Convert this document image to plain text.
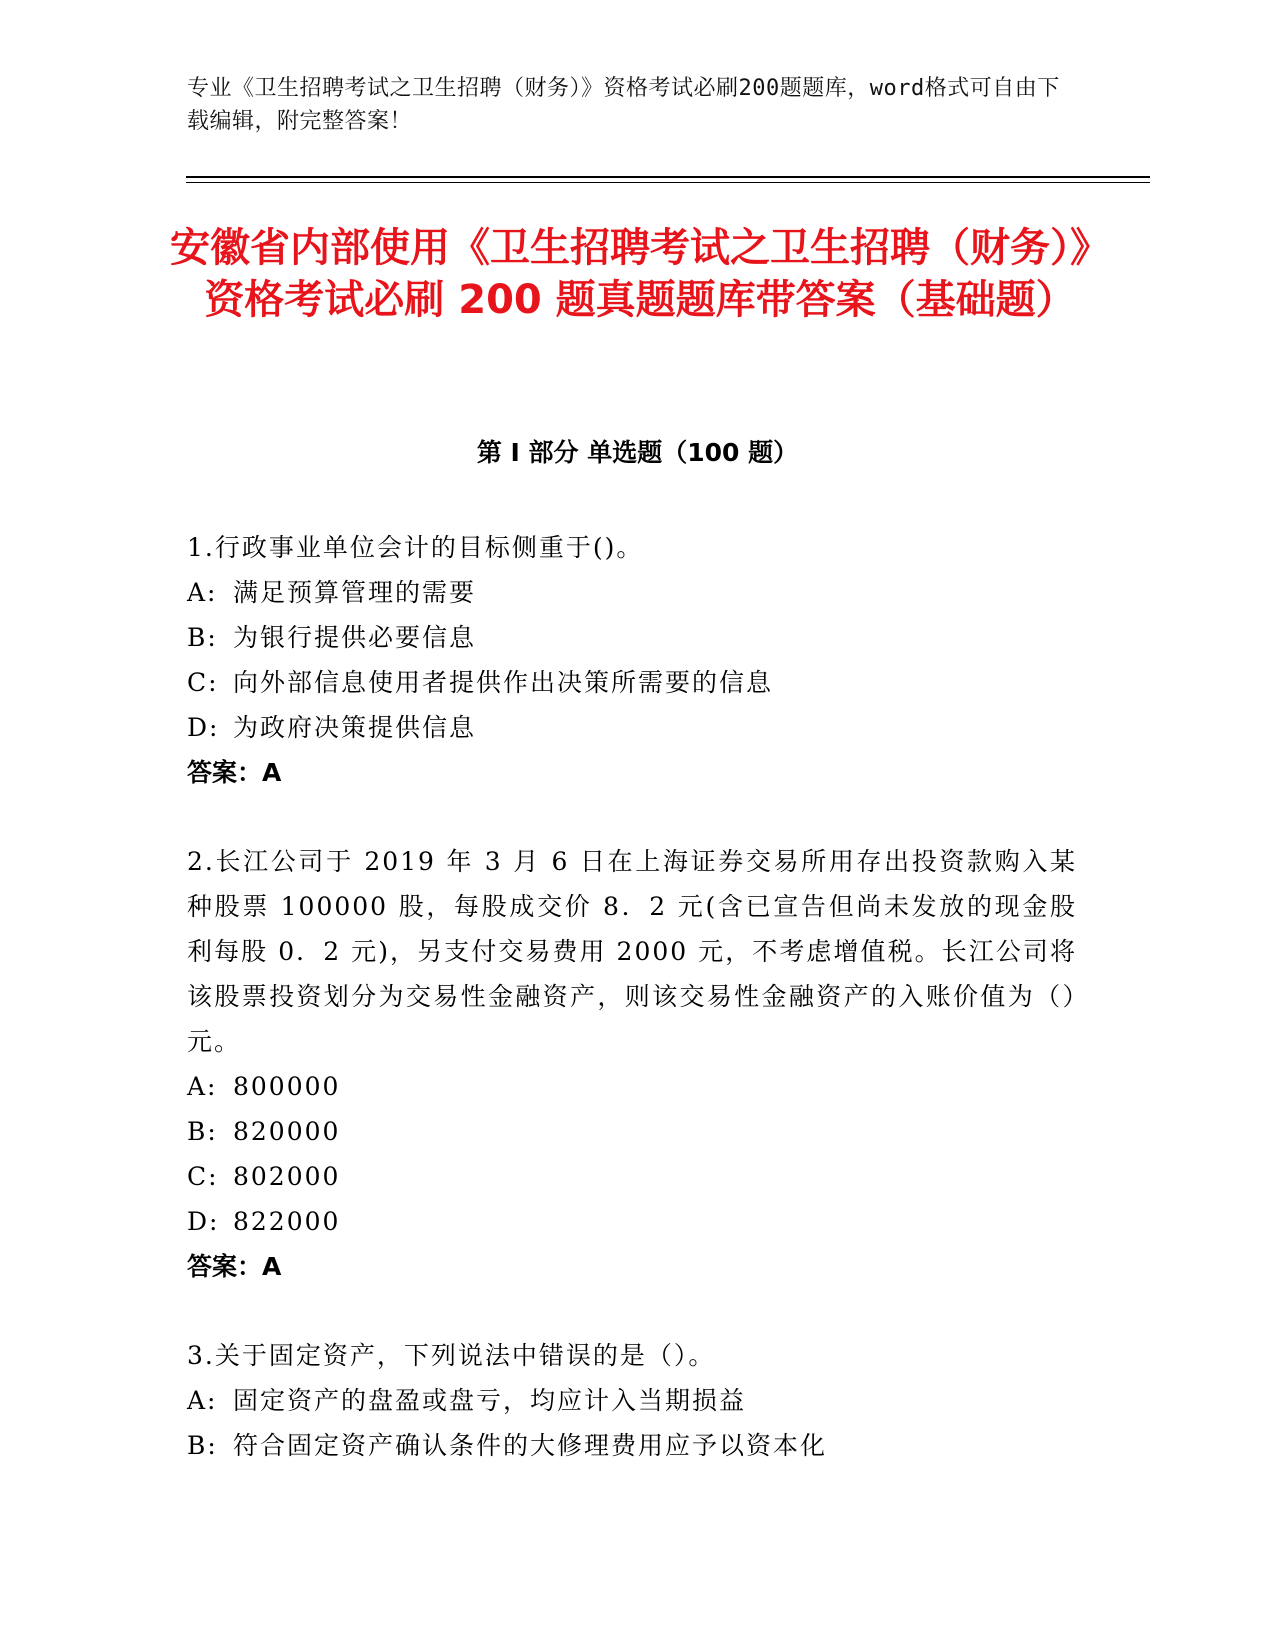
专业《卫生招聘考试之卫生招聘（财务）》资格考试必刷200题题库，word格式可自由下载编辑，附完整答案！
安徽省内部使用《卫生招聘考试之卫生招聘（财务）》资格考试必刷 200 题真题题库带答案（基础题）
第 I 部分 单选题（100 题）
1.行政事业单位会计的目标侧重于()。
A: 满足预算管理的需要
B: 为银行提供必要信息
C: 向外部信息使用者提供作出决策所需要的信息
D: 为政府决策提供信息
答案：A
2.长江公司于 2019 年 3 月 6 日在上海证券交易所用存出投资款购入某种股票 100000 股，每股成交价 8．2 元(含已宣告但尚未发放的现金股利每股 0．2 元)，另支付交易费用 2000 元，不考虑增值税。长江公司将该股票投资划分为交易性金融资产，则该交易性金融资产的入账价值为（）元。
A: 800000
B: 820000
C: 802000
D: 822000
答案：A
3.关于固定资产，下列说法中错误的是（）。
A: 固定资产的盘盈或盘亏，均应计入当期损益
B: 符合固定资产确认条件的大修理费用应予以资本化
